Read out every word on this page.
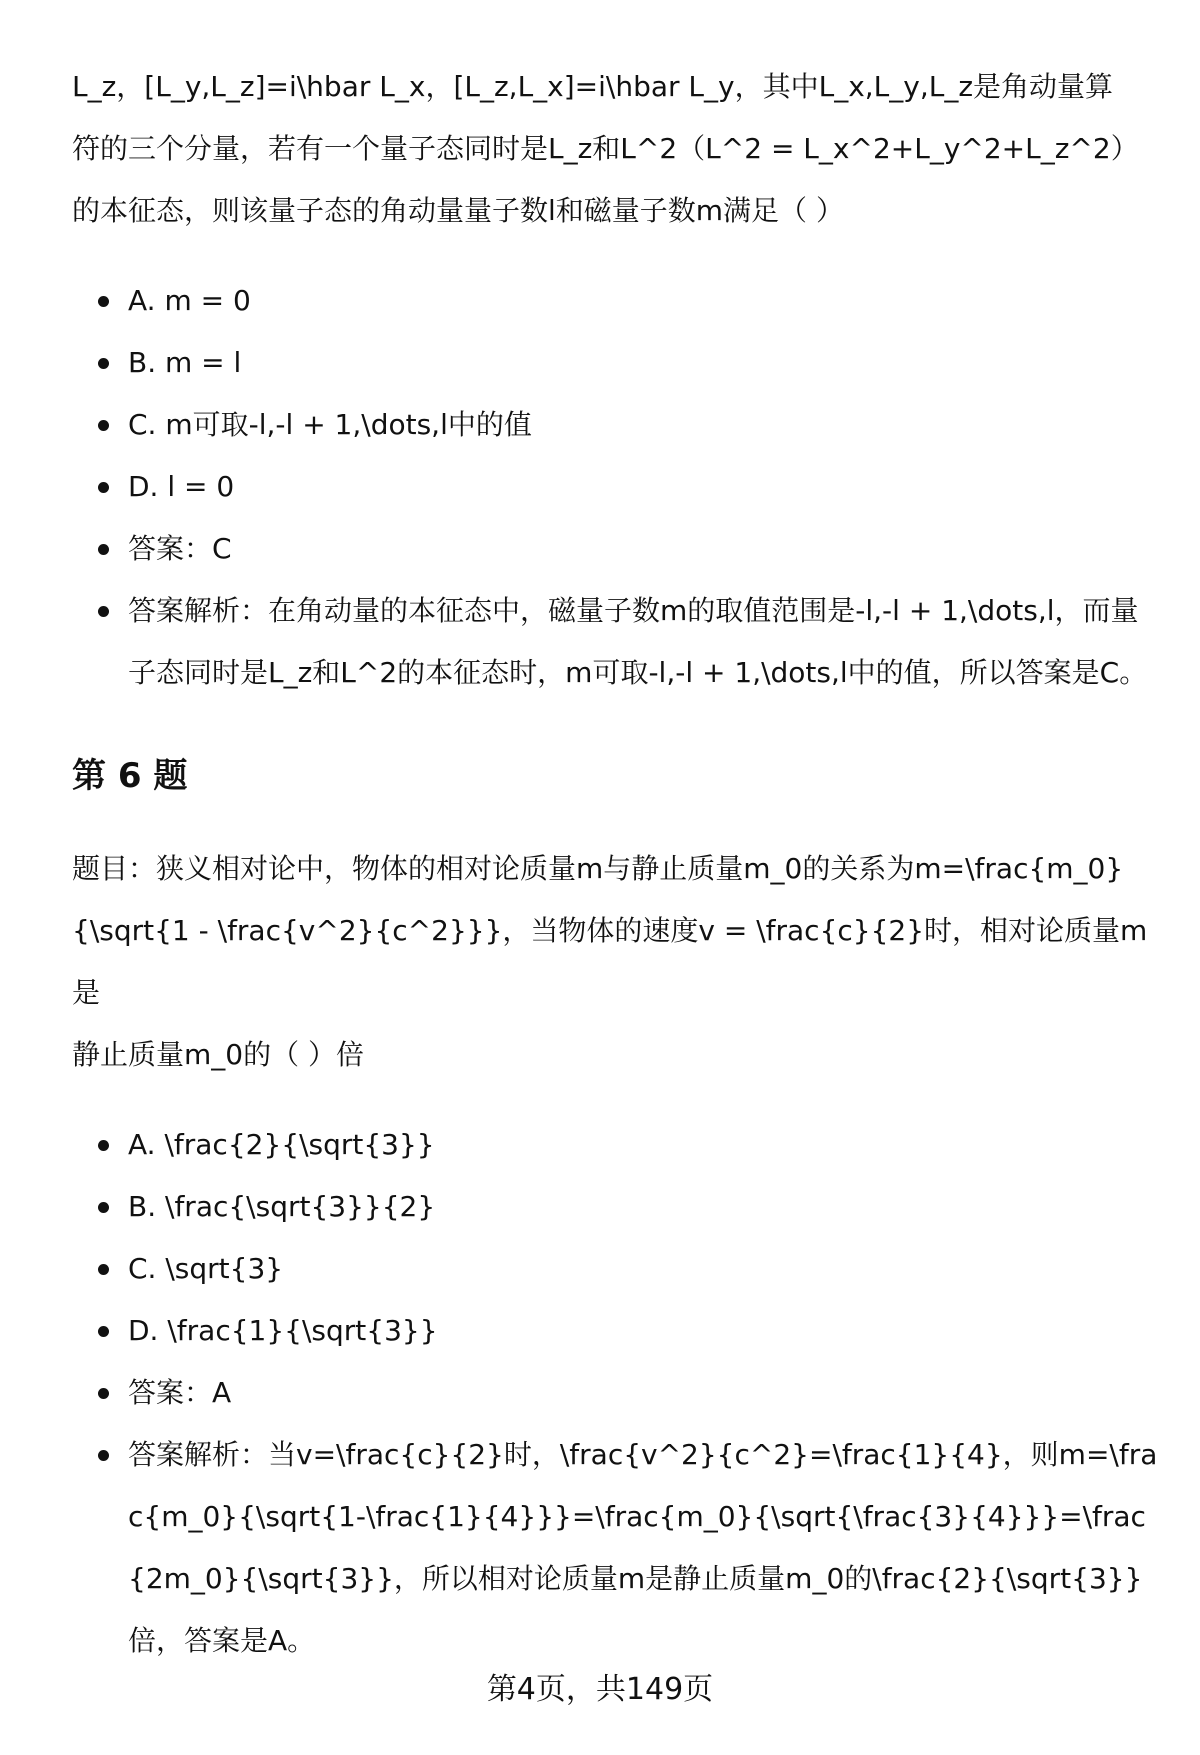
L_z，[L_y,L_z]=i\hbar L_x，[L_z,L_x]=i\hbar L_y，其中L_x,L_y,L_z是角动量算
符的三个分量，若有一个量子态同时是L_z和L^2（L^2 = L_x^2+L_y^2+L_z^2）
的本征态，则该量子态的角动量量子数l和磁量子数m满足（ ）

A. m = 0
B. m = l
C. m可取-l,-l + 1,\dots,l中的值
D. l = 0
答案：C
答案解析：在角动量的本征态中，磁量子数m的取值范围是-l,-l + 1,\dots,l，而量子态同时是L_z和L^2的本征态时，m可取-l,-l + 1,\dots,l中的值，所以答案是C。
第 6 题

题目：狭义相对论中，物体的相对论质量m与静止质量m_0的关系为m=\frac{m_0}
{\sqrt{1 - \frac{v^2}{c^2}}}，当物体的速度v = \frac{c}{2}时，相对论质量m是
静止质量m_0的（ ）倍

A. \frac{2}{\sqrt{3}}
B. \frac{\sqrt{3}}{2}
C. \sqrt{3}
D. \frac{1}{\sqrt{3}}
答案：A
答案解析：当v=\frac{c}{2}时，\frac{v^2}{c^2}=\frac{1}{4}，则m=\frac{m_0}{\sqrt{1-\frac{1}{4}}}=\frac{m_0}{\sqrt{\frac{3}{4}}}=\frac{2m_0}{\sqrt{3}}，所以相对论质量m是静止质量m_0的\frac{2}{\sqrt{3}}倍，答案是A。
第4页，共149页
